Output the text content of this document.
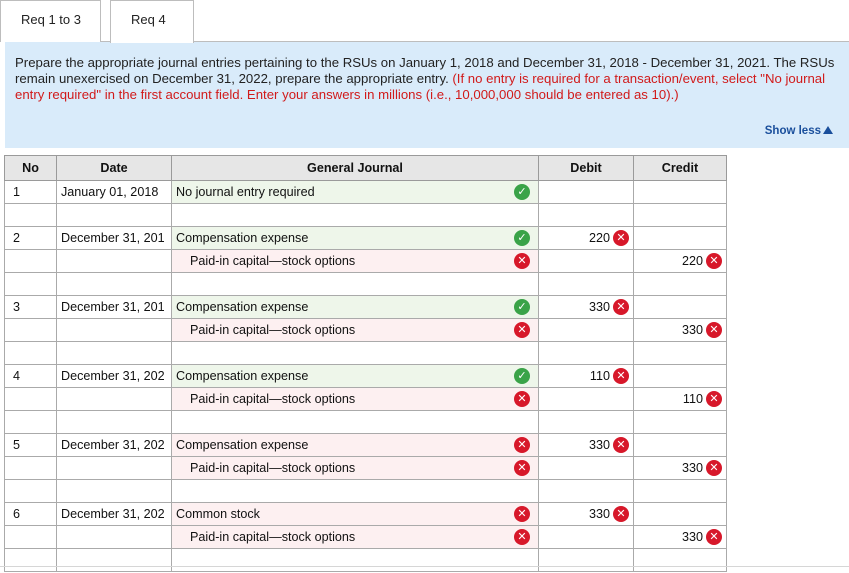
Req 1 to 3	Req 4
Prepare the appropriate journal entries pertaining to the RSUs on January 1, 2018 and December 31, 2018 - December 31, 2021. The RSUs remain unexercised on December 31, 2022, prepare the appropriate entry. (If no entry is required for a transaction/event, select "No journal entry required" in the first account field. Enter your answers in millions (i.e., 10,000,000 should be entered as 10).)
Show less
No	Date	General Journal	Debit	Credit
1	January 01, 2018	No journal entry required ✓		

2	December 31, 201	Compensation expense ✓	220 ✕	
		Paid-in capital—stock options ✕		220 ✕

3	December 31, 201	Compensation expense ✓	330 ✕	
		Paid-in capital—stock options ✕		330 ✕

4	December 31, 202	Compensation expense ✓	110 ✕	
		Paid-in capital—stock options ✕		110 ✕

5	December 31, 202	Compensation expense ✕	330 ✕	
		Paid-in capital—stock options ✕		330 ✕

6	December 31, 202	Common stock ✕	330 ✕	
		Paid-in capital—stock options ✕		330 ✕
